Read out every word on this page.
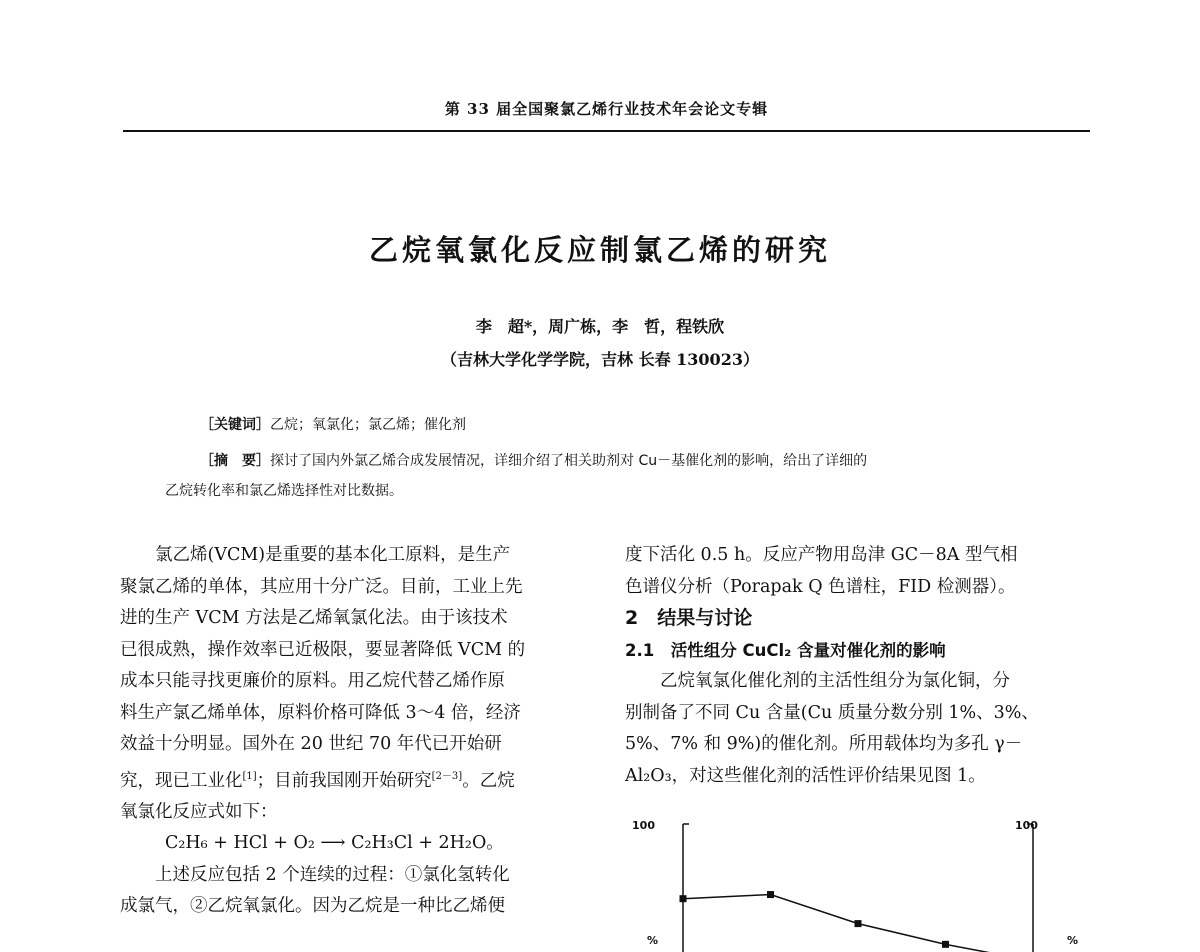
第 33 届全国聚氯乙烯行业技术年会论文专辑
乙烷氧氯化反应制氯乙烯的研究
李　超*，周广栋，李　哲，程铁欣
（吉林大学化学学院，吉林 长春 130023）
［关键词］乙烷；氧氯化；氯乙烯；催化剂
［摘　要］探讨了国内外氯乙烯合成发展情况，详细介绍了相关助剂对 Cu－基催化剂的影响，给出了详细的
乙烷转化率和氯乙烯选择性对比数据。

氯乙烯(VCM)是重要的基本化工原料，是生产

聚氯乙烯的单体，其应用十分广泛。目前，工业上先

进的生产 VCM 方法是乙烯氧氯化法。由于该技术

已很成熟，操作效率已近极限，要显著降低 VCM 的

成本只能寻找更廉价的原料。用乙烷代替乙烯作原

料生产氯乙烯单体，原料价格可降低 3～4 倍，经济

效益十分明显。国外在 20 世纪 70 年代已开始研

究，现已工业化[1]；目前我国刚开始研究[2－3]。乙烷

氧氯化反应式如下：

C₂H₆ + HCl + O₂ ⟶ C₂H₃Cl + 2H₂O。

上述反应包括 2 个连续的过程：①氯化氢转化

成氯气，②乙烷氧氯化。因为乙烷是一种比乙烯便

度下活化 0.5 h。反应产物用岛津 GC－8A 型气相

色谱仪分析（Porapak Q 色谱柱，FID 检测器）。

2　结果与讨论

2.1　活性组分 CuCl₂ 含量对催化剂的影响

乙烷氧氯化催化剂的主活性组分为氯化铜，分

别制备了不同 Cu 含量(Cu 质量分数分别 1%、3%、

5%、7% 和 9%)的催化剂。所用载体均为多孔 γ－

Al₂O₃，对这些催化剂的活性评价结果见图 1。

100	100
%	%
